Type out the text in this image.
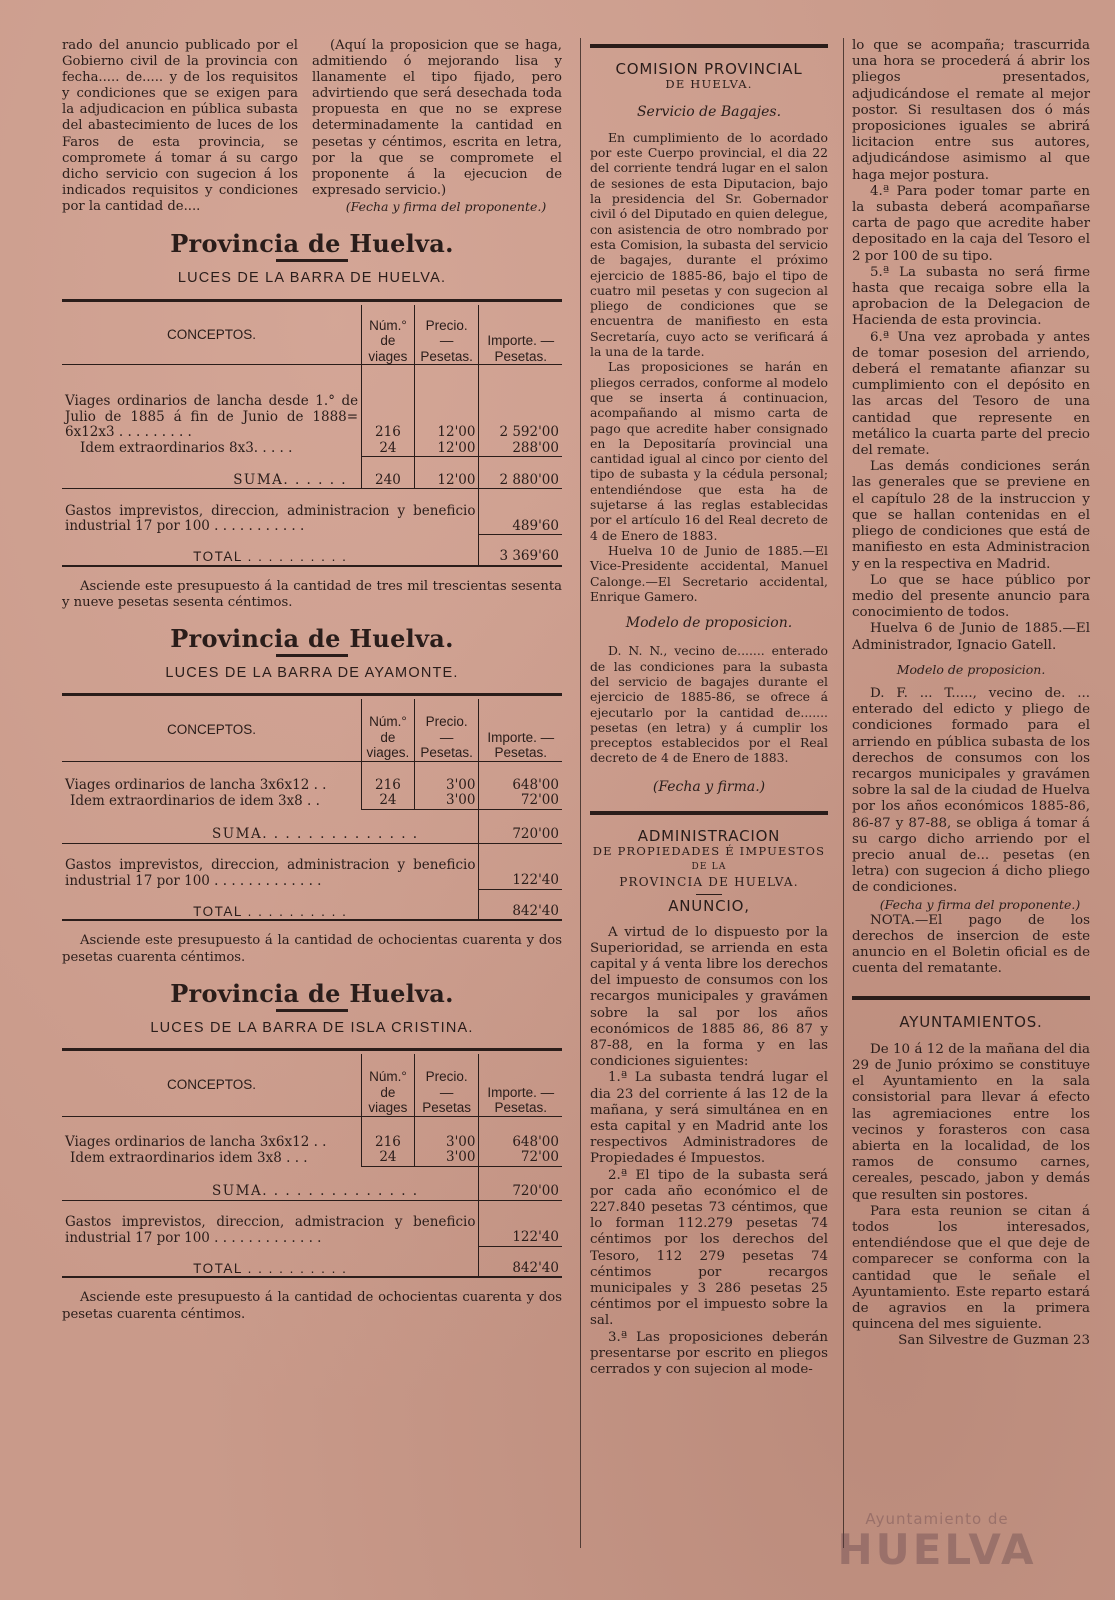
rado del anuncio publicado por el Gobierno civil de la provincia con fecha..... de..... y de los requisitos y condiciones que se exigen para la adjudicacion en pública subasta del abastecimiento de luces de los Faros de esta provincia, se compromete á tomar á su cargo dicho servicio con sugecion á los indicados requisitos y condiciones por la cantidad de....

(Aquí la proposicion que se haga, admitiendo ó mejorando lisa y llanamente el tipo fijado, pero advirtiendo que será desechada toda propuesta en que no se exprese determinadamente la cantidad en pesetas y céntimos, escrita en letra, por la que se compromete el proponente á la ejecucion de expresado servicio.)

(Fecha y firma del proponente.)

Provincia de Huelva.
LUCES DE LA BARRA DE HUELVA.
CONCEPTOS.	Núm.° de viages	Precio. — Pesetas.	Importe. — Pesetas.
Viages ordinarios de lancha desde 1.° de Julio de 1885 á fin de Junio de 1888= 6x12x3 . . . . . . . . .	216	12'00	2 592'00
Idem extraordinarios 8x3. . . . .	24	12'00	288'00
SUMA. . . . . .	240	12'00	2 880'00
Gastos imprevistos, direccion, administracion y beneficio industrial 17 por 100 . . . . . . . . . . .			489'60
TOTAL . . . . . . . . . .			3 369'60

Asciende este presupuesto á la cantidad de tres mil trescientas sesenta y nueve pesetas sesenta céntimos.

Provincia de Huelva.
LUCES DE LA BARRA DE AYAMONTE.
CONCEPTOS.	Núm.° de viages.	Precio. — Pesetas.	Importe. — Pesetas.
Viages ordinarios de lancha 3x6x12 . .	216	3'00	648'00
Idem extraordinarios de idem 3x8 . .	24	3'00	72'00
SUMA. . . . . . . . . . . . . .			720'00
Gastos imprevistos, direccion, administracion y beneficio industrial 17 por 100 . . . . . . . . . . . . .			122'40
TOTAL . . . . . . . . . .			842'40

Asciende este presupuesto á la cantidad de ochocientas cuarenta y dos pesetas cuarenta céntimos.

Provincia de Huelva.
LUCES DE LA BARRA DE ISLA CRISTINA.
CONCEPTOS.	Núm.° de viages	Precio. — Pesetas	Importe. — Pesetas.
Viages ordinarios de lancha 3x6x12 . .	216	3'00	648'00
Idem extraordinarios idem 3x8 . . .	24	3'00	72'00
SUMA. . . . . . . . . . . . . .			720'00
Gastos imprevistos, direccion, admistracion y beneficio industrial 17 por 100 . . . . . . . . . . . . .			122'40
TOTAL . . . . . . . . . .			842'40

Asciende este presupuesto á la cantidad de ochocientas cuarenta y dos pesetas cuarenta céntimos.

COMISION PROVINCIAL
DE HUELVA.

Servicio de Bagajes.

En cumplimiento de lo acordado por este Cuerpo provincial, el dia 22 del corriente tendrá lugar en el salon de sesiones de esta Diputacion, bajo la presidencia del Sr. Gobernador civil ó del Diputado en quien delegue, con asistencia de otro nombrado por esta Comision, la subasta del servicio de bagajes, durante el próximo ejercicio de 1885-86, bajo el tipo de cuatro mil pesetas y con sugecion al pliego de condiciones que se encuentra de manifiesto en esta Secretaría, cuyo acto se verificará á la una de la tarde.

Las proposiciones se harán en pliegos cerrados, conforme al modelo que se inserta á continuacion, acompañando al mismo carta de pago que acredite haber consignado en la Depositaría provincial una cantidad igual al cinco por ciento del tipo de subasta y la cédula personal; entendiéndose que esta ha de sujetarse á las reglas establecidas por el artículo 16 del Real decreto de 4 de Enero de 1883.

Huelva 10 de Junio de 1885.—El Vice-Presidente accidental, Manuel Calonge.—El Secretario accidental, Enrique Gamero.

Modelo de proposicion.

D. N. N., vecino de....... enterado de las condiciones para la subasta del servicio de bagajes durante el ejercicio de 1885-86, se ofrece á ejecutarlo por la cantidad de....... pesetas (en letra) y á cumplir los preceptos establecidos por el Real decreto de 4 de Enero de 1883.

(Fecha y firma.)

ADMINISTRACION
DE PROPIEDADES É IMPUESTOS
DE LA
PROVINCIA DE HUELVA.
ANUNCIO,

A virtud de lo dispuesto por la Superioridad, se arrienda en esta capital y á venta libre los derechos del impuesto de consumos con los recargos municipales y gravámen sobre la sal por los años económicos de 1885 86, 86 87 y 87-88, en la forma y en las condiciones siguientes:

1.ª La subasta tendrá lugar el dia 23 del corriente á las 12 de la mañana, y será simultánea en en esta capital y en Madrid ante los respectivos Administradores de Propiedades é Impuestos.

2.ª El tipo de la subasta será por cada año económico el de 227.840 pesetas 73 céntimos, que lo forman 112.279 pesetas 74 céntimos por los derechos del Tesoro, 112 279 pesetas 74 céntimos por recargos municipales y 3 286 pesetas 25 céntimos por el impuesto sobre la sal.

3.ª Las proposiciones deberán presentarse por escrito en pliegos cerrados y con sujecion al mode-

lo que se acompaña; trascurrida una hora se procederá á abrir los pliegos presentados, adjudicándose el remate al mejor postor. Si resultasen dos ó más proposiciones iguales se abrirá licitacion entre sus autores, adjudicándose asimismo al que haga mejor postura.

4.ª Para poder tomar parte en la subasta deberá acompañarse carta de pago que acredite haber depositado en la caja del Tesoro el 2 por 100 de su tipo.

5.ª La subasta no será firme hasta que recaiga sobre ella la aprobacion de la Delegacion de Hacienda de esta provincia.

6.ª Una vez aprobada y antes de tomar posesion del arriendo, deberá el rematante afianzar su cumplimiento con el depósito en las arcas del Tesoro de una cantidad que represente en metálico la cuarta parte del precio del remate.

Las demás condiciones serán las generales que se previene en el capítulo 28 de la instruccion y que se hallan contenidas en el pliego de condiciones que está de manifiesto en esta Administracion y en la respectiva en Madrid.

Lo que se hace público por medio del presente anuncio para conocimiento de todos.

Huelva 6 de Junio de 1885.—El Administrador, Ignacio Gatell.

Modelo de proposicion.

D. F. ... T....., vecino de. ... enterado del edicto y pliego de condiciones formado para el arriendo en pública subasta de los derechos de consumos con los recargos municipales y gravámen sobre la sal de la ciudad de Huelva por los años económicos 1885-86, 86-87 y 87-88, se obliga á tomar á su cargo dicho arriendo por el precio anual de... pesetas (en letra) con sugecion á dicho pliego de condiciones.

(Fecha y firma del proponente.)

NOTA.—El pago de los derechos de insercion de este anuncio en el Boletin oficial es de cuenta del rematante.

AYUNTAMIENTOS.

De 10 á 12 de la mañana del dia 29 de Junio próximo se constituye el Ayuntamiento en la sala consistorial para llevar á efecto las agremiaciones entre los vecinos y forasteros con casa abierta en la localidad, de los ramos de consumo carnes, cereales, pescado, jabon y demás que resulten sin postores.

Para esta reunion se citan á todos los interesados, entendiéndose que el que deje de comparecer se conforma con la cantidad que le señale el Ayuntamiento. Este reparto estará de agravios en la primera quincena del mes siguiente.

San Silvestre de Guzman 23

Ayuntamiento de
HUELVA
